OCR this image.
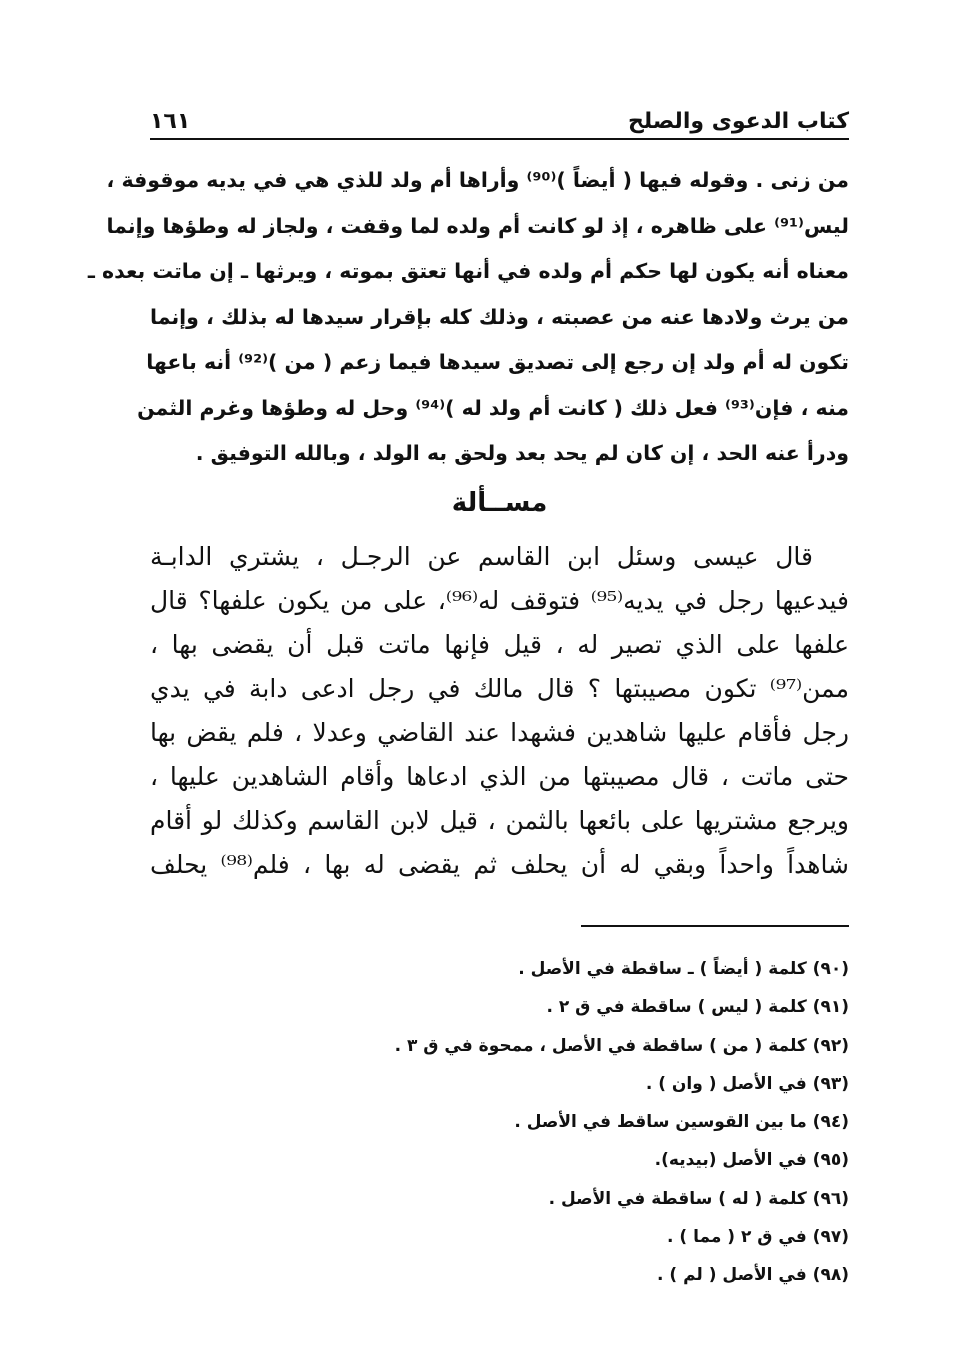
كتاب الدعوى والصلح
١٦١
من زنى . وقوله فيها ( أيضاً )⁽⁹⁰⁾ وأراها أم ولد للذي هي في يديه موقوفة ،
ليس⁽⁹¹⁾ على ظاهره ، إذ لو كانت أم ولده لما وقفت ، ولجاز له وطؤها وإنما
معناه أنه يكون لها حكم أم ولده في أنها تعتق بموته ، ويرثها ـ إن ماتت بعده ـ
من يرث ولادها عنه من عصبته ، وذلك كله بإقرار سيدها له بذلك ، وإنما
تكون له أم ولد إن رجع إلى تصديق سيدها فيما زعم ( من )⁽⁹²⁾ أنه باعها
منه ، فإن⁽⁹³⁾ فعل ذلك ( كانت أم ولد له )⁽⁹⁴⁾ وحل له وطؤها وغرم الثمن
ودرأ عنه الحد ، إن كان لم يحد بعد ولحق به الولد ، وبالله التوفيق .
مســألة
قال عيسى وسئل ابن القاسم عن الرجـل ، يشتري الدابـة
فيدعيها رجل في يديه⁽⁹⁵⁾ فتوقف له⁽⁹⁶⁾، على من يكون علفها؟ قال
علفها على الذي تصير له ، قيل فإنها ماتت قبل أن يقضى بها ،
ممن⁽⁹⁷⁾ تكون مصيبتها ؟ قال مالك في رجل ادعى دابة في يدي
رجل فأقام عليها شاهدين فشهدا عند القاضي وعدلا ، فلم يقض بها
حتى ماتت ، قال مصيبتها من الذي ادعاها وأقام الشاهدين عليها ،
ويرجع مشتريها على بائعها بالثمن ، قيل لابن القاسم وكذلك لو أقام
شاهداً واحداً وبقي له أن يحلف ثم يقضى له بها ، فلم⁽⁹⁸⁾ يحلف
(٩٠) كلمة ( أيضاً ) ـ ساقطة في الأصل .
(٩١) كلمة ( ليس ) ساقطة في ق ٢ .
(٩٢) كلمة ( من ) ساقطة في الأصل ، ممحوة في ق ٣ .
(٩٣) في الأصل ( وان ) .
(٩٤) ما بين القوسين ساقط في الأصل .
(٩٥) في الأصل (بيديه).
(٩٦) كلمة ( له ) ساقطة في الأصل .
(٩٧) في ق ٢ ( مما ) .
(٩٨) في الأصل ( لم ) .
